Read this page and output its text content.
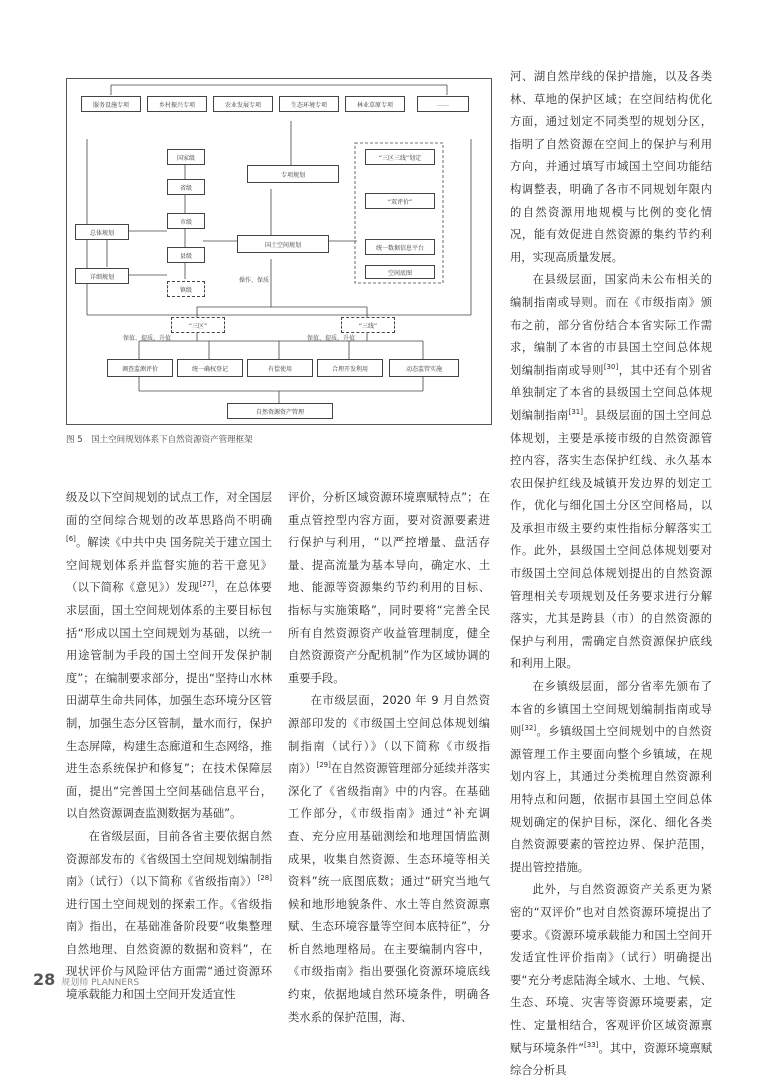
服务设施专项	乡村振兴专项	农业发展专项	生态环境专项	林业草原专项	……
国家级
省级
市级
县级
镇级
总体规划
详细规划
专项规划
国土空间规划
“三区三线”划定
“双评价”
统一数据信息平台
空间底图
操作、保质
“三区”	“三线”
保值、提质、升值	保值、提质、升值
调查监测评价	统一确权登记	有偿使用	合理开发利用	动态监管实施
自然资源资产管理
图 5　国土空间规划体系下自然资源资产管理框架

级及以下空间规划的试点工作，对全国层面的空间综合规划的改革思路尚不明确[6]。解读《中共中央 国务院关于建立国土空间规划体系并监督实施的若干意见》（以下简称《意见》）发现[27]，在总体要求层面，国土空间规划体系的主要目标包括“形成以国土空间规划为基础，以统一用途管制为手段的国土空间开发保护制度”；在编制要求部分，提出“坚持山水林田湖草生命共同体，加强生态环境分区管制，加强生态分区管制，量水而行，保护生态屏障，构建生态廊道和生态网络，推进生态系统保护和修复”；在技术保障层面，提出“完善国土空间基础信息平台，以自然资源调查监测数据为基础”。

在省级层面，目前各省主要依据自然资源部发布的《省级国土空间规划编制指南》（试行）（以下简称《省级指南》）[28]进行国土空间规划的探索工作。《省级指南》指出，在基础准备阶段要“收集整理自然地理、自然资源的数据和资料”，在现状评价与风险评估方面需“通过资源环境承载能力和国土空间开发适宜性

评价，分析区域资源环境禀赋特点”；在重点管控型内容方面，要对资源要素进行保护与利用，“以严控增量、盘活存量、提高流量为基本导向，确定水、土地、能源等资源集约节约利用的目标、指标与实施策略”，同时要将“完善全民所有自然资源资产收益管理制度，健全自然资源资产分配机制”作为区域协调的重要手段。

在市级层面，2020 年 9 月自然资源部印发的《市级国土空间总体规划编制指南（试行）》（以下简称《市级指南》）[29]在自然资源管理部分延续并落实深化了《省级指南》中的内容。在基础工作部分，《市级指南》通过“补充调查、充分应用基础测绘和地理国情监测成果，收集自然资源、生态环境等相关资料”统一底图底数；通过“研究当地气候和地形地貌条件、水土等自然资源禀赋、生态环境容量等空间本底特征”，分析自然地理格局。在主要编制内容中，《市级指南》指出要强化资源环境底线约束，依据地域自然环境条件，明确各类水系的保护范围，海、

河、湖自然岸线的保护措施，以及各类林、草地的保护区域；在空间结构优化方面，通过划定不同类型的规划分区，指明了自然资源在空间上的保护与利用方向，并通过填写市域国土空间功能结构调整表，明确了各市不同规划年限内的自然资源用地规模与比例的变化情况，能有效促进自然资源的集约节约利用，实现高质量发展。

在县级层面，国家尚未公布相关的编制指南或导则。而在《市级指南》颁布之前，部分省份结合本省实际工作需求，编制了本省的市县国土空间总体规划编制指南或导则[30]，其中还有个别省单独制定了本省的县级国土空间总体规划编制指南[31]。县级层面的国土空间总体规划，主要是承接市级的自然资源管控内容，落实生态保护红线、永久基本农田保护红线及城镇开发边界的划定工作，优化与细化国土分区空间格局，以及承担市级主要约束性指标分解落实工作。此外，县级国土空间总体规划要对市级国土空间总体规划提出的自然资源管理相关专项规划及任务要求进行分解落实，尤其是跨县（市）的自然资源的保护与利用，需确定自然资源保护底线和利用上限。

在乡镇级层面，部分省率先颁布了本省的乡镇国土空间规划编制指南或导则[32]。乡镇级国土空间规划中的自然资源管理工作主要面向整个乡镇域，在规划内容上，其通过分类梳理自然资源利用特点和问题，依据市县国土空间总体规划确定的保护目标，深化、细化各类自然资源要素的管控边界、保护范围，提出管控措施。

此外，与自然资源资产关系更为紧密的“双评价”也对自然资源环境提出了要求。《资源环境承载能力和国土空间开发适宜性评价指南》（试行）明确提出要“充分考虑陆海全域水、土地、气候、生态、环境、灾害等资源环境要素，定性、定量相结合，客观评价区域资源禀赋与环境条件”[33]。其中，资源环境禀赋综合分析具

28 规划师 PLANNERS
